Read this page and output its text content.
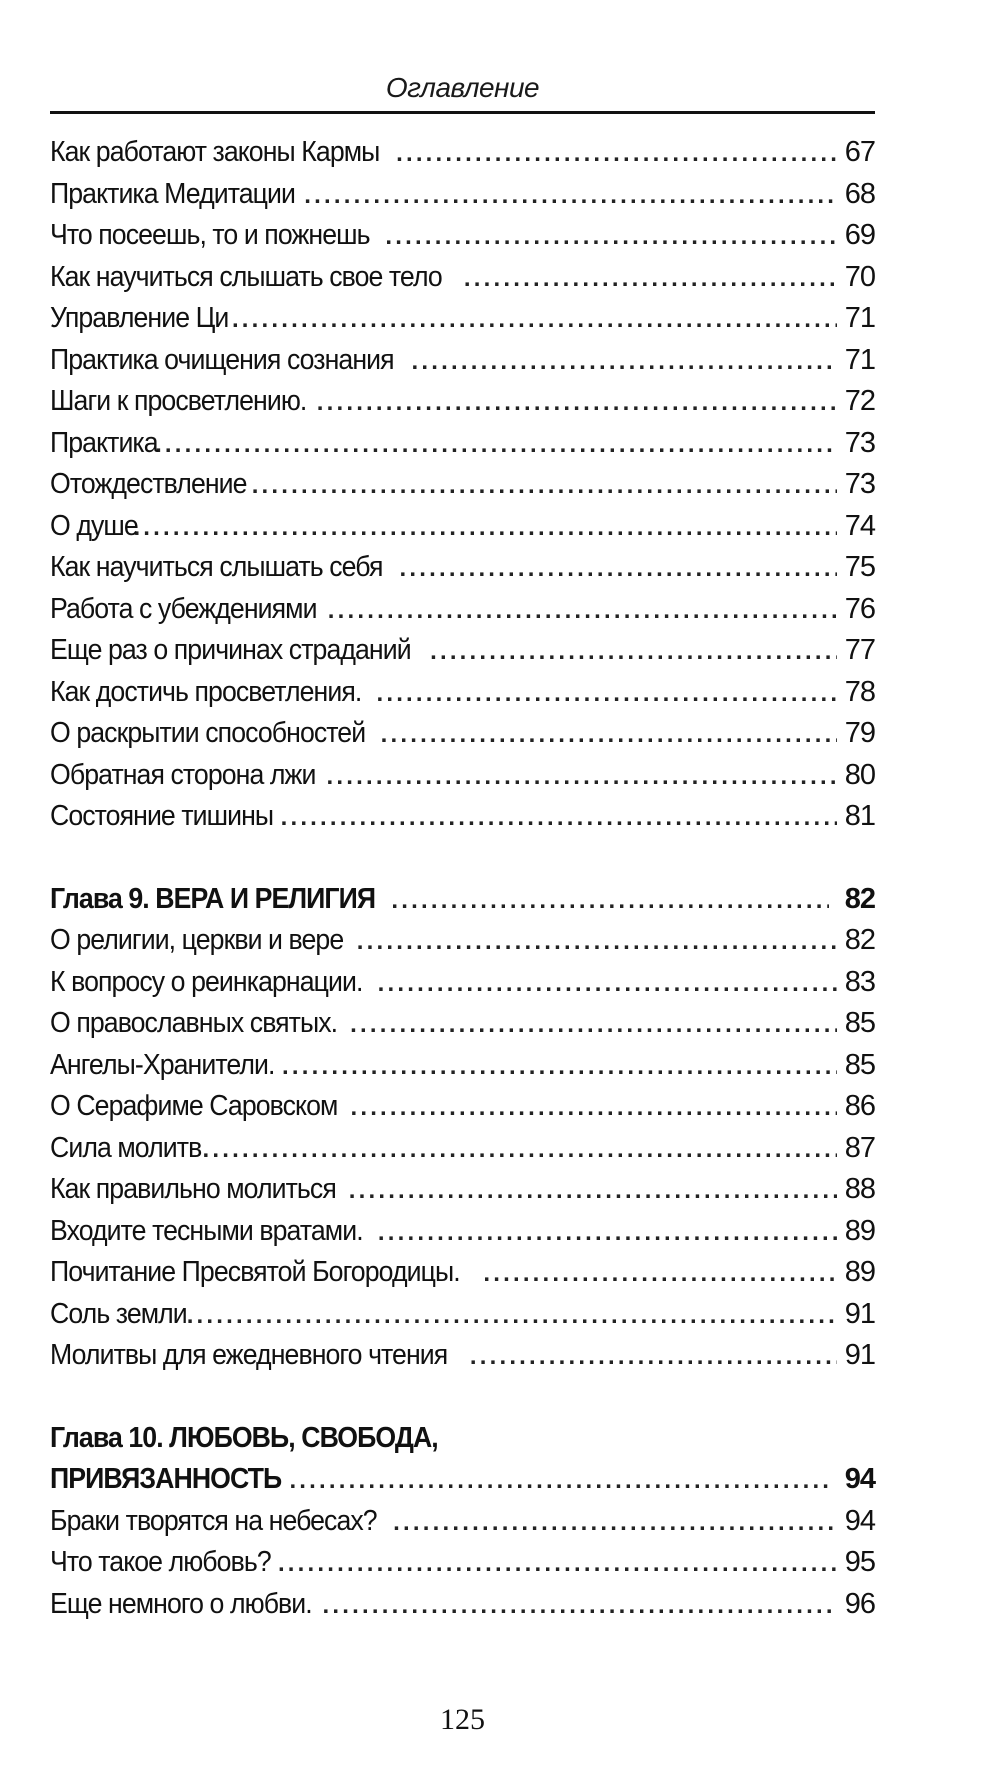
Оглавление
Как работают законы Кармы .....	67
Практика Медитации .....	68
Что посеешь, то и пожнешь .....	69
Как научиться слышать свое тело .....	70
Управление Ци .....	71
Практика очищения сознания .....	71
Шаги к просветлению. .....	72
Практика .....	73
Отождествление .....	73
О душе .....	74
Как научиться слышать себя .....	75
Работа с убеждениями .....	76
Еще раз о причинах страданий .....	77
Как достичь просветления. .....	78
О раскрытии способностей .....	79
Обратная сторона лжи .....	80
Состояние тишины .....	81
Глава 9. ВЕРА И РЕЛИГИЯ .....	82
О религии, церкви и вере .....	82
К вопросу о реинкарнации. .....	83
О православных святых. .....	85
Ангелы-Хранители. .....	85
О Серафиме Саровском .....	86
Сила молитв .....	87
Как правильно молиться .....	88
Входите тесными вратами. .....	89
Почитание Пресвятой Богородицы. .....	89
Соль земли .....	91
Молитвы для ежедневного чтения .....	91
Глава 10. ЛЮБОВЬ, СВОБОДА,
ПРИВЯЗАННОСТЬ .....	94
Браки творятся на небесах? .....	94
Что такое любовь? .....	95
Еще немного о любви. .....	96
125
